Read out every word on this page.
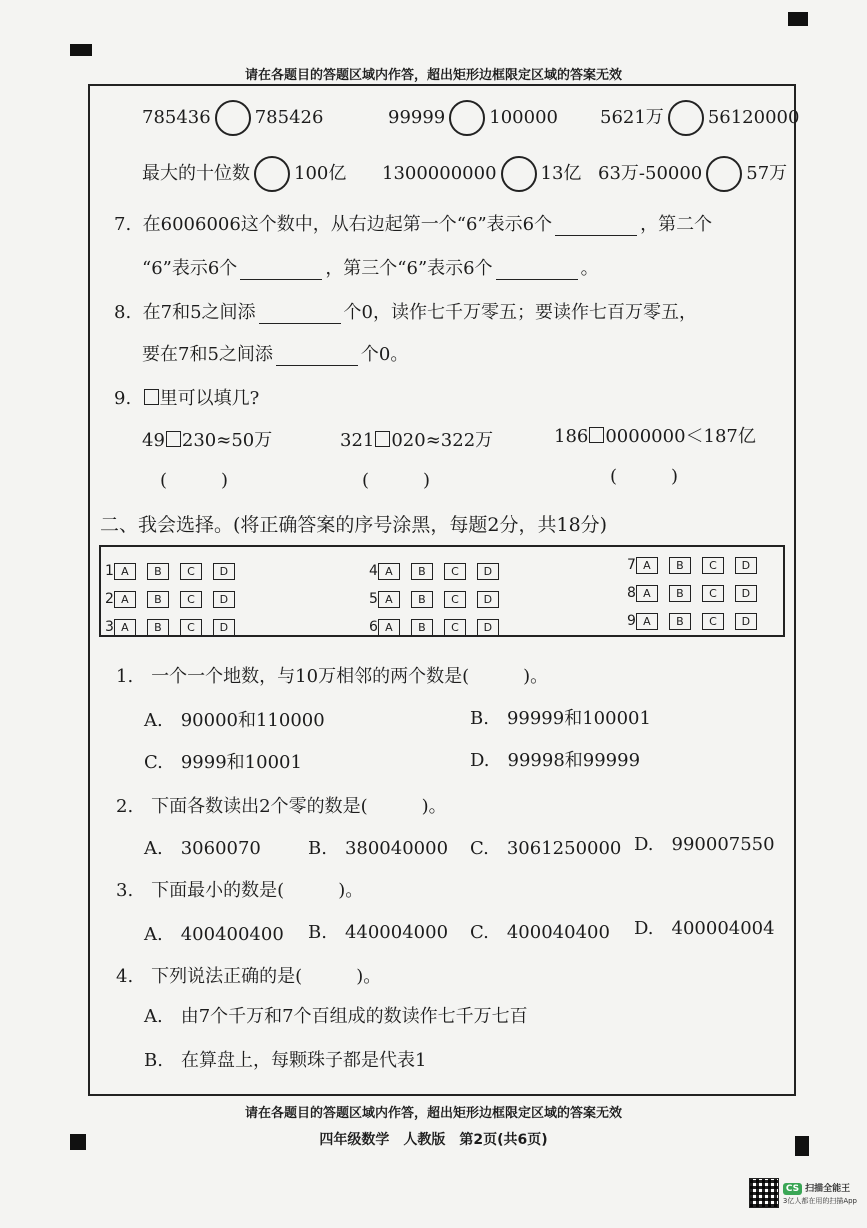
请在各题目的答题区域内作答，超出矩形边框限定区域的答案无效
785436 785426	99999 100000 5621万 56120000
最大的十位数 100亿 1300000000 13亿 63万-50000 57万
7. 在6006006这个数中，从右边起第一个“6”表示6个	，第二个
“6”表示6个	，第三个“6”表示6个	。
8. 在7和5之间添	个0，读作七千万零五；要读作七百万零五，
要在7和5之间添	个0。
9. 里可以填几?
49 230≈50万	321 020≈322万	186 0000000＜187亿
(　　　)	(　　　)	(　　　)
二、我会选择。(将正确答案的序号涂黑，每题2分，共18分)
1 A B C D
2 A B C D
3 A B C D
4 A B C D
5 A B C D
6 A B C D
7 A B C D
8 A B C D
9 A B C D
1.　一个一个地数，与10万相邻的两个数是(　　　)。
A.　90000和110000	B.　99999和100001
C.　9999和10001	D.　99998和99999
2.　下面各数读出2个零的数是(　　　)。
A.　3060070	B.　380040000 C.　3061250000 D.　990007550
3.　下面最小的数是(　　　)。
A.　400400400 B.　440004000 C.　400040400 D.　400004004
4.　下列说法正确的是(　　　)。
A.　由7个千万和7个百组成的数读作七千万七百
B.　在算盘上，每颗珠子都是代表1
请在各题目的答题区域内作答，超出矩形边框限定区域的答案无效
四年级数学　人教版　第2页(共6页)
CS 扫描全能王
3亿人都在用的扫描App
